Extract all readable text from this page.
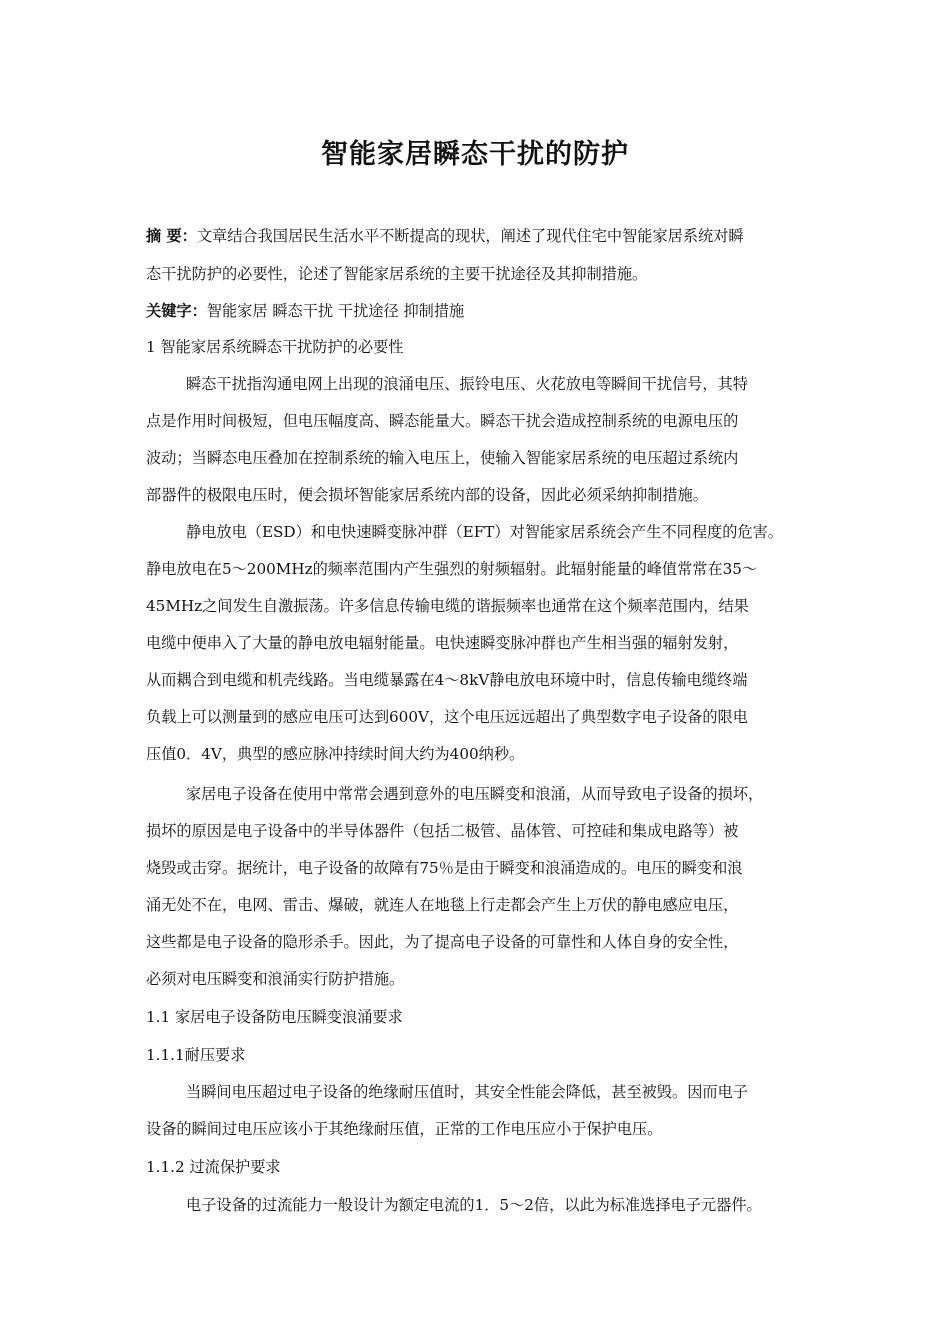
智能家居瞬态干扰的防护

摘 要：文章结合我国居民生活水平不断提高的现状，阐述了现代住宅中智能家居系统对瞬

态干扰防护的必要性，论述了智能家居系统的主要干扰途径及其抑制措施。

关键字：智能家居 瞬态干扰 干扰途径 抑制措施

1 智能家居系统瞬态干扰防护的必要性

瞬态干扰指沟通电网上出现的浪涌电压、振铃电压、火花放电等瞬间干扰信号，其特

点是作用时间极短，但电压幅度高、瞬态能量大。瞬态干扰会造成控制系统的电源电压的

波动；当瞬态电压叠加在控制系统的输入电压上，使输入智能家居系统的电压超过系统内

部器件的极限电压时，便会损坏智能家居系统内部的设备，因此必须采纳抑制措施。

静电放电（ESD）和电快速瞬变脉冲群（EFT）对智能家居系统会产生不同程度的危害。

静电放电在5～200MHz的频率范围内产生强烈的射频辐射。此辐射能量的峰值常常在35～

45MHz之间发生自激振荡。许多信息传输电缆的谐振频率也通常在这个频率范围内，结果

电缆中便串入了大量的静电放电辐射能量。电快速瞬变脉冲群也产生相当强的辐射发射，

从而耦合到电缆和机壳线路。当电缆暴露在4～8kV静电放电环境中时，信息传输电缆终端

负载上可以测量到的感应电压可达到600V，这个电压远远超出了典型数字电子设备的限电

压值0．4V，典型的感应脉冲持续时间大约为400纳秒。

家居电子设备在使用中常常会遇到意外的电压瞬变和浪涌，从而导致电子设备的损坏，

损坏的原因是电子设备中的半导体器件（包括二极管、晶体管、可控硅和集成电路等）被

烧毁或击穿。据统计，电子设备的故障有75％是由于瞬变和浪涌造成的。电压的瞬变和浪

涌无处不在，电网、雷击、爆破，就连人在地毯上行走都会产生上万伏的静电感应电压，

这些都是电子设备的隐形杀手。因此，为了提高电子设备的可靠性和人体自身的安全性，

必须对电压瞬变和浪涌实行防护措施。

1.1 家居电子设备防电压瞬变浪涌要求

1.1.1耐压要求

当瞬间电压超过电子设备的绝缘耐压值时，其安全性能会降低，甚至被毁。因而电子

设备的瞬间过电压应该小于其绝缘耐压值，正常的工作电压应小于保护电压。

1.1.2 过流保护要求

电子设备的过流能力一般设计为额定电流的1．5～2倍，以此为标准选择电子元器件。
